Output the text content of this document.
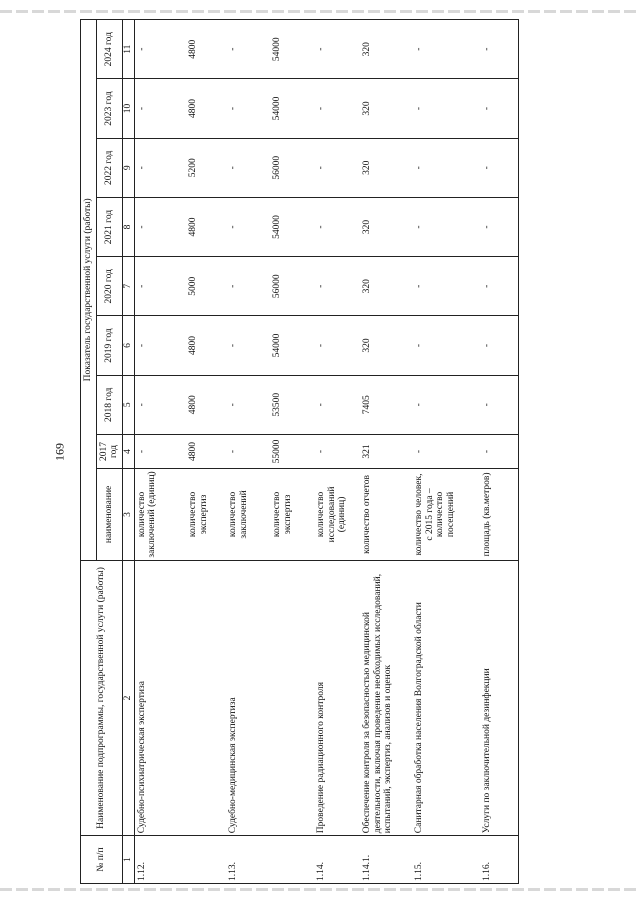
169
№ п/п	Наименование подпрограммы, государственной услуги (работы)	Показатель государственной услуги (работы)								
		наименование	2017 год	2018 год	2019 год	2020 год	2021 год	2022 год	2023 год	2024 год
1	2	3	4	5	6	7	8	9	10	11
1.12.	Судебно-психиатрическая экспертиза	количество заключений (единиц)	-	-	-	-	-	-	-	-
		количество экспертиз	4800	4800	4800	5000	4800	5200	4800	4800
1.13.	Судебно-медицинская экспертиза	количество заключений	-	-	-	-	-	-	-	-
		количество экспертиз	55000	53500	54000	56000	54000	56000	54000	54000
1.14.	Проведение радиационного контроля	количество исследований (единиц)	-	-	-	-	-	-	-	-
1.14.1.	Обеспечение контроля за безопасностью медицинской деятельности, включая проведение необходимых исследований, испытаний, экспертиз, анализов и оценок	количество отчетов	321	7405	320	320	320	320	320	320
1.15.	Санитарная обработка населения Волгоградской области	количество человек, с 2015 года – количество посещений	-	-	-	-	-	-	-	-
1.16.	Услуги по заключительной дезинфекции	площадь (кв.метров)	-	-	-	-	-	-	-	-
